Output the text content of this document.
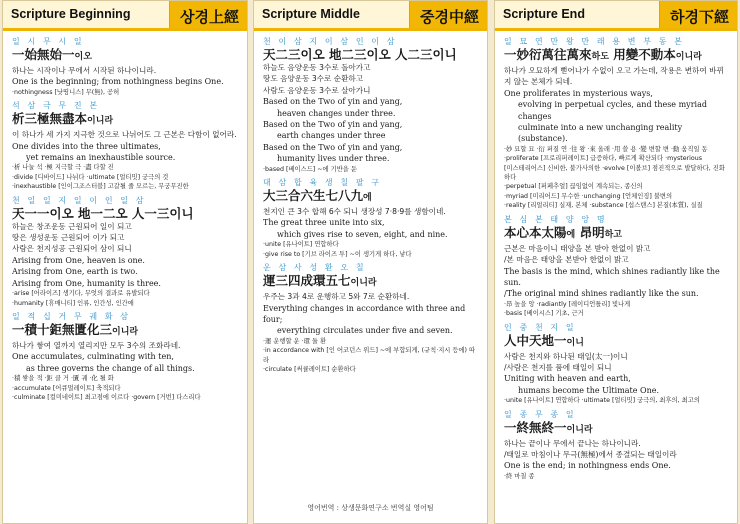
Scripture Beginning	상경上經
일 시 무 시 일
一始無始一이오
하나는 시작이나 무에서 시작된 하나이니라.
One is the beginning; from nothingness begins One.
·nothingness [낫띵니스] 무(無), 공허
석 삼 극 무 진 본
析三極無盡本이니라
이 하나가 세 가지 지극한 것으로 나뉘어도 그 근본은 다함이 없어라.
One divides into the three ultimates,
yet remains an inexhaustible source.
·析 나눌 석 ·極 지극할 극 ·盡 다할 진
·divide [디바이드] 나뉘다 ·ultimate [얼티밋] 궁극의 것
·inexhaustible [인이그조스터블] 고갈될 줄 모르는, 무궁무진한
천 일 일 지 일 이 인 일 삼
天一一이오 地一二오 人一三이니
하늘은 창조운동 근원되어 일이 되고
땅은 생성운동 근원되어 이가 되고
사람은 천지성공 근원되어 삼이 되니
Arising from One, heaven is one.
Arising from One, earth is two.
Arising from One, humanity is three.
·arise [어라이즈] 생기다, 무엇의 결과로 유발되다
·humanity [휴매니티] 인류, 인간성, 인간애
일 적 십 거 무 궤 화 삼
一積十鉅無匱化三이니라
하나가 쌓여 열까지 열리지만 모두 3수의 조화라네.
One accumulates, culminating with ten,
as three governs the change of all things.
·積 쌓을 적 ·鉅 클 거 ·匱 궤 ·化 될 화
·accumulate [어큐멀레이트] 축적되다
·culminate [컬미네이트] 최고점에 이르다 ·govern [거번] 다스리다
Scripture Middle	중경中經
천 이 삼 지 이 삼 인 이 삼
天二三이오 地二三이오 人二三이니
하늘도 음양운동 3수로 돌아가고
땅도 음양운동 3수로 순환하고
사람도 음양운동 3수로 살아가니
Based on the Two of yin and yang,
heaven changes under three.
Based on the Two of yin and yang,
earth changes under three
Based on the Two of yin and yang,
humanity lives under three.
·based [베이스드] ~에 기반을 둔
대 삼 합 육 생 칠 팔 구
大三合六生七八九에
천지인 큰 3수 합해 6수 되니 생장성 7·8·9를 생함이네.
The great three unite into six,
which gives rise to seven, eight, and nine.
·unite [유나이트] 연합하다
·give rise to [기브 라이즈 투] ~이 생기게 하다, 낳다
운 삼 사 성 환 오 칠
運三四成環五七이니라
우주는 3과 4로 운행하고 5와 7로 순환하네.
Everything changes in accordance with three and four;
everything circulates under five and seven.
·運 운행할 운 ·環 둘 환
·in accordance with [인 어코던스 위드] ~에 부합되게, (규칙·지시 등에) 따라
·circulate [써큘레이트] 순환하다
영어번역 : 상생문화연구소 번역실 영어팀
Scripture End	하경下經
일 묘 연 만 왕 만 래 용 변 부 동 본
一妙衍萬往萬來하도 用變不動本이니라
하나가 오묘하게 뻗어나가 수없이 오고 가는데, 작용은 변하여 바뀌지 않는 본체가 되네.
One proliferates in mysterious ways,
evolving in perpetual cycles, and these myriad changes
culminate into a new unchanging reality (substance).
·妙 묘할 묘 ·衍 퍼질 연 ·往 왕 ·來 올래 ·用 쓸 용 ·變 변할 변 ·動 움직일 동
·proliferate [프로리퍼레이트] 급증하다, 빠르게 확산되다 ·mysterious
[미스테리어스] 신비한, 불가사의한 ·evolve [이볼브] 점진적으로 발달하다, 진화하다
·perpetual [퍼페추얼] 끊임없이 계속되는, 종신의
·myriad [미리어드] 무수한 ·unchanging [언체인징] 불변의
·reality [리얼리티] 실재, 본체 ·substance [섭스탠스] 본질(本質), 실질
본 심 본 태 양 앙 명
本心本太陽에 昂明하고
근본은 마음이니 태양을 본 받아 한없이 밝고
/본 마음은 태양을 본받아 한없이 밝고
The basis is the mind, which shines radiantly like the sun.
/The original mind shines radiantly like the sun.
·昂 높을 앙 ·radiantly [레이디언틀리] 빛나게
·basis [베이시스] 기초, 근거
인 중 천 지 일
人中天地一이니
사람은 천지와 하나된 태일(太一)이니
/사람은 천지를 품에 태일이 되니
Uniting with heaven and earth,
humans become the Ultimate One.
·unite [유나이트] 연합하다 ·ultimate [얼티밋] 궁극의, 최후의, 최고의
일 종 무 종 일
一終無終一이니라
하나는 끝이나 무에서 끝나는 하나이니라.
/태일로 마침이나 무극(無極)에서 종결되는 태일이라
One is the end; in nothingness ends One.
·終 마칠 종
